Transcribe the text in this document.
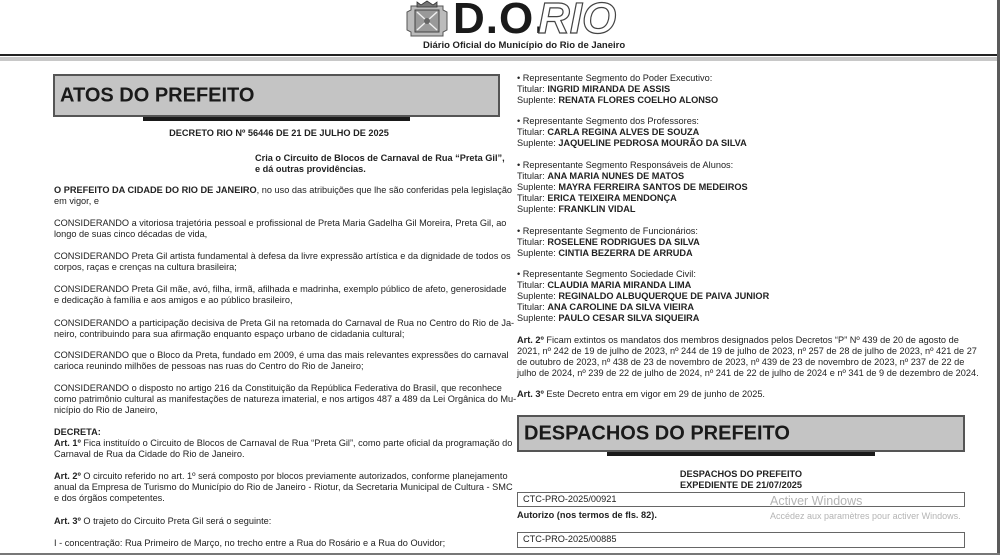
D.O.
RIO
Diário Oficial do Município do Rio de Janeiro
ATOS DO PREFEITO
DECRETO RIO Nº 56446 DE 21 DE JULHO DE 2025
Cria o Circuito de Blocos de Carnaval de Rua “Preta Gil”,
e dá outras providências.
O PREFEITO DA CIDADE DO RIO DE JANEIRO, no uso das atribuições que lhe são conferidas pela legislação
em vigor, e
CONSIDERANDO a vitoriosa trajetória pessoal e profissional de Preta Maria Gadelha Gil Moreira, Preta Gil, ao
longo de suas cinco décadas de vida,
CONSIDERANDO Preta Gil artista fundamental à defesa da livre expressão artística e da dignidade de todos os
corpos, raças e crenças na cultura brasileira;
CONSIDERANDO Preta Gil mãe, avó, filha, irmã, afilhada e madrinha, exemplo público de afeto, generosidade
e dedicação à família e aos amigos e ao público brasileiro,
CONSIDERANDO a participação decisiva de Preta Gil na retomada do Carnaval de Rua no Centro do Rio de Ja-
neiro, contribuindo para sua afirmação enquanto espaço urbano de cidadania cultural;
CONSIDERANDO que o Bloco da Preta, fundado em 2009, é uma das mais relevantes expressões do carnaval
carioca reunindo milhões de pessoas nas ruas do Centro do Rio de Janeiro;
CONSIDERANDO o disposto no artigo 216 da Constituição da República Federativa do Brasil, que reconhece
como patrimônio cultural as manifestações de natureza imaterial, e nos artigos 487 a 489 da Lei Orgânica do Mu-
nicípio do Rio de Janeiro,
DECRETA:
Art. 1º Fica instituído o Circuito de Blocos de Carnaval de Rua “Preta Gil”, como parte oficial da programação do
Carnaval de Rua da Cidade do Rio de Janeiro.
Art. 2º O circuito referido no art. 1º será composto por blocos previamente autorizados, conforme planejamento
anual da Empresa de Turismo do Município do Rio de Janeiro - Riotur, da Secretaria Municipal de Cultura - SMC
e dos órgãos competentes.
Art. 3º O trajeto do Circuito Preta Gil será o seguinte:
I - concentração: Rua Primeiro de Março, no trecho entre a Rua do Rosário e a Rua do Ouvidor;
• Representante Segmento do Poder Executivo:
Titular: INGRID MIRANDA DE ASSIS
Suplente: RENATA FLORES COELHO ALONSO
• Representante Segmento dos Professores:
Titular: CARLA REGINA ALVES DE SOUZA
Suplente: JAQUELINE PEDROSA MOURÃO DA SILVA
• Representante Segmento Responsáveis de Alunos:
Titular: ANA MARIA NUNES DE MATOS
Suplente: MAYRA FERREIRA SANTOS DE MEDEIROS
Titular: ERICA TEIXEIRA MENDONÇA
Suplente: FRANKLIN VIDAL
• Representante Segmento de Funcionários:
Titular: ROSELENE RODRIGUES DA SILVA
Suplente: CINTIA BEZERRA DE ARRUDA
• Representante Segmento Sociedade Civil:
Titular: CLAUDIA MARIA MIRANDA LIMA
Suplente: REGINALDO ALBUQUERQUE DE PAIVA JUNIOR
Titular: ANA CAROLINE DA SILVA VIEIRA
Suplente: PAULO CESAR SILVA SIQUEIRA
Art. 2º Ficam extintos os mandatos dos membros designados pelos Decretos “P” Nº 439 de 20 de agosto de
2021, nº 242 de 19 de julho de 2023, nº 244 de 19 de julho de 2023, nº 257 de 28 de julho de 2023, nº 421 de 27
de outubro de 2023, nº 438 de 23 de novembro de 2023, nº 439 de 23 de novembro de 2023, nº 237 de 22 de
julho de 2024, nº 239 de 22 de julho de 2024, nº 241 de 22 de julho de 2024 e nº 341 de 9 de dezembro de 2024.
Art. 3º Este Decreto entra em vigor em 29 de junho de 2025.
DESPACHOS DO PREFEITO
DESPACHOS DO PREFEITO
EXPEDIENTE DE 21/07/2025
CTC-PRO-2025/00921
Autorizo (nos termos de fls. 82).
CTC-PRO-2025/00885
Activer Windows
Accédez aux paramètres pour activer Windows.
